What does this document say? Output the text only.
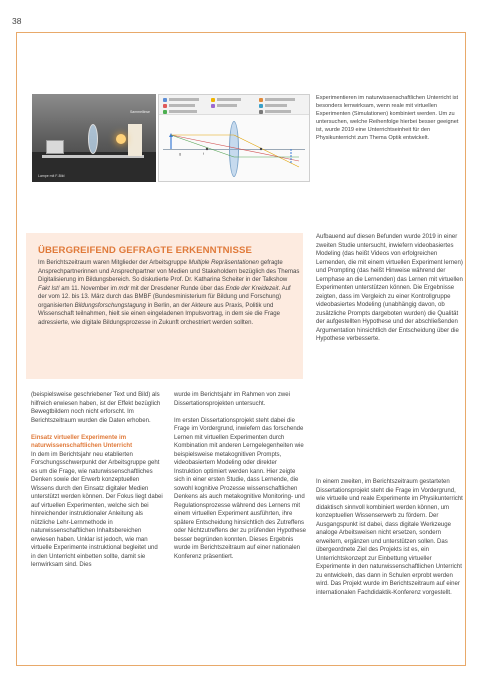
38
Lampe mit F-Bild
Sammellinse
f
g
Experimentieren im naturwissenschaftlichen Unterricht ist besonders lernwirksam, wenn reale mit virtuellen Experimenten (Simulationen) kombiniert werden. Um zu untersuchen, welche Reihenfolge hierbei besser geeignet ist, wurde 2019 eine Unterrichtseinheit für den Physikunterricht zum Thema Optik entwickelt.
ÜBERGREIFEND GEFRAGTE ERKENNTNISSE
Im Berichtszeitraum waren Mitglieder der Arbeitsgruppe Multiple Repräsentationen gefragte Ansprechpartnerinnen und Ansprechpartner von Medien und Stakeholdern bezüglich des Themas Digitalisierung im Bildungsbereich. So diskutierte Prof. Dr. Katharina Scheiter in der Talkshow Fakt Ist! am 11. November im mdr mit der Dresdener Runde über das Ende der Kreidezeit. Auf der vom 12. bis 13. März durch das BMBF (Bundesministerium für Bildung und Forschung) organisierten Bildungsforschungstagung in Berlin, an der Akteure aus Praxis, Politik und Wissenschaft teilnahmen, hielt sie einen eingeladenen Impulsvortrag, in dem sie die Frage adressierte, wie digitale Bildungsprozesse in Zukunft orchestriert werden sollten.

Aufbauend auf diesen Befunden wurde 2019 in einer zweiten Studie untersucht, inwiefern videobasiertes Modeling (das heißt Videos von erfolgreichen Lernenden, die mit einem virtuellen Experiment lernen) und Prompting (das heißt Hinweise während der Lernphase an die Lernenden) das Lernen mit virtuellen Experimenten unterstützen können. Die Ergebnisse zeigten, dass im Vergleich zu einer Kontrollgruppe videobasiertes Modeling (unabhängig davon, ob zusätzliche Prompts dargeboten wurden) die Qualität der aufgestellten Hypothese und der abschließenden Argumentation hinsichtlich der Entscheidung über die Hypothese verbesserte.

(beispielsweise geschriebener Text und Bild) als hilfreich erwiesen haben, ist der Effekt bezüglich Bewegtbildern noch nicht erforscht. Im Berichtszeitraum wurden die Daten erhoben.

Einsatz virtueller Experimente im naturwissenschaftlichen Unterricht

In dem im Berichtsjahr neu etablierten Forschungsschwerpunkt der Arbeitsgruppe geht es um die Frage, wie naturwissenschaftliches Denken sowie der Erwerb konzeptuellen Wissens durch den Einsatz digitaler Medien unterstützt werden können. Der Fokus liegt dabei auf virtuellen Experimenten, welche sich bei hinreichender instruktionaler Anleitung als nützliche Lehr-Lernmethode in naturwissenschaftlichen Inhaltsbereichen erwiesen haben. Unklar ist jedoch, wie man virtuelle Experimente instruktional begleitet und in den Unterricht einbetten sollte, damit sie lernwirksam sind. Dies

wurde im Berichtsjahr im Rahmen von zwei Dissertationsprojekten untersucht.

Im ersten Dissertationsprojekt steht dabei die Frage im Vordergrund, inwiefern das forschende Lernen mit virtuellen Experimenten durch Kombination mit anderen Lerngelegenheiten wie beispielsweise metakognitiven Prompts, videobasiertem Modeling oder direkter Instruktion optimiert werden kann. Hier zeigte sich in einer ersten Studie, dass Lernende, die sowohl kognitive Prozesse wissenschaftlichen Denkens als auch metakognitive Monitoring- und Regulationsprozesse während des Lernens mit einem virtuellen Experiment ausführten, ihre spätere Entscheidung hinsichtlich des Zutreffens oder Nichtzutreffens der zu prüfenden Hypothese besser begründen konnten. Dieses Ergebnis wurde im Berichtszeitraum auf einer nationalen Konferenz präsentiert.

In einem zweiten, im Berichtszeitraum gestarteten Dissertationsprojekt steht die Frage im Vordergrund, wie virtuelle und reale Experimente im Physikunterricht didaktisch sinnvoll kombiniert werden können, um konzeptuellen Wissenserwerb zu fördern. Der Ausgangspunkt ist dabei, dass digitale Werkzeuge analoge Arbeitsweisen nicht ersetzen, sondern erweitern, ergänzen und unterstützen sollen. Das übergeordnete Ziel des Projekts ist es, ein Unterrichtskonzept zur Einbettung virtueller Experimente in den naturwissenschaftlichen Unterricht zu entwickeln, das dann in Schulen erprobt werden wird. Das Projekt wurde im Berichtszeitraum auf einer internationalen Fachdidaktik-Konferenz vorgestellt.
